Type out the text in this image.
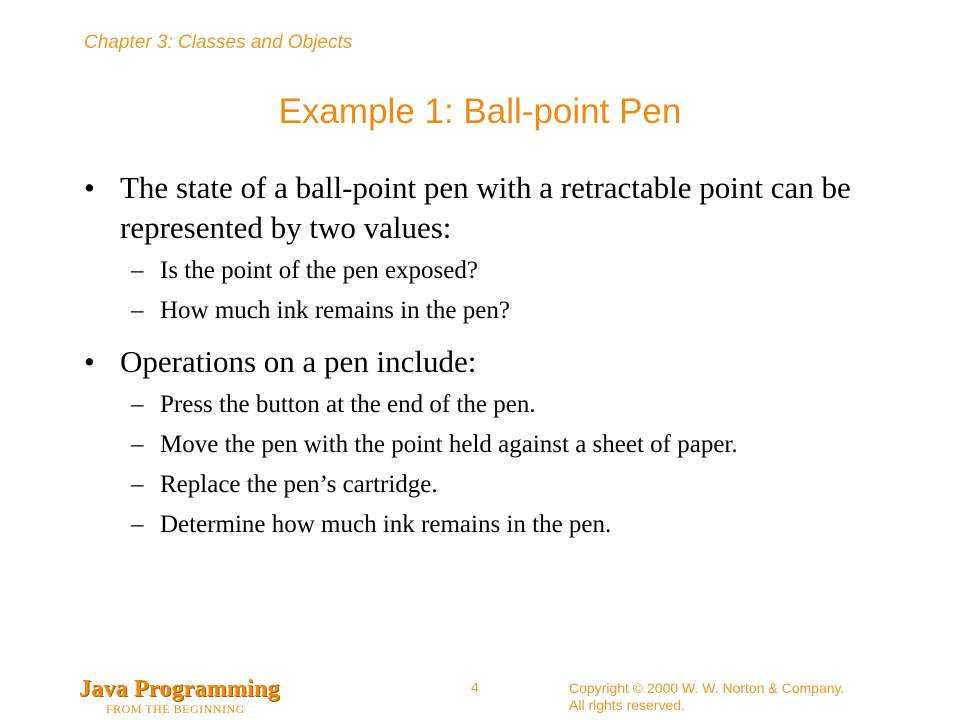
Chapter 3: Classes and Objects
Example 1: Ball-point Pen
• The state of a ball-point pen with a retractable point can be represented by two values:
– Is the point of the pen exposed?
– How much ink remains in the pen?
• Operations on a pen include:
– Press the button at the end of the pen.
– Move the pen with the point held against a sheet of paper.
– Replace the pen’s cartridge.
– Determine how much ink remains in the pen.
Java Programming
FROM THE BEGINNING
4	Copyright © 2000 W. W. Norton & Company.
All rights reserved.
